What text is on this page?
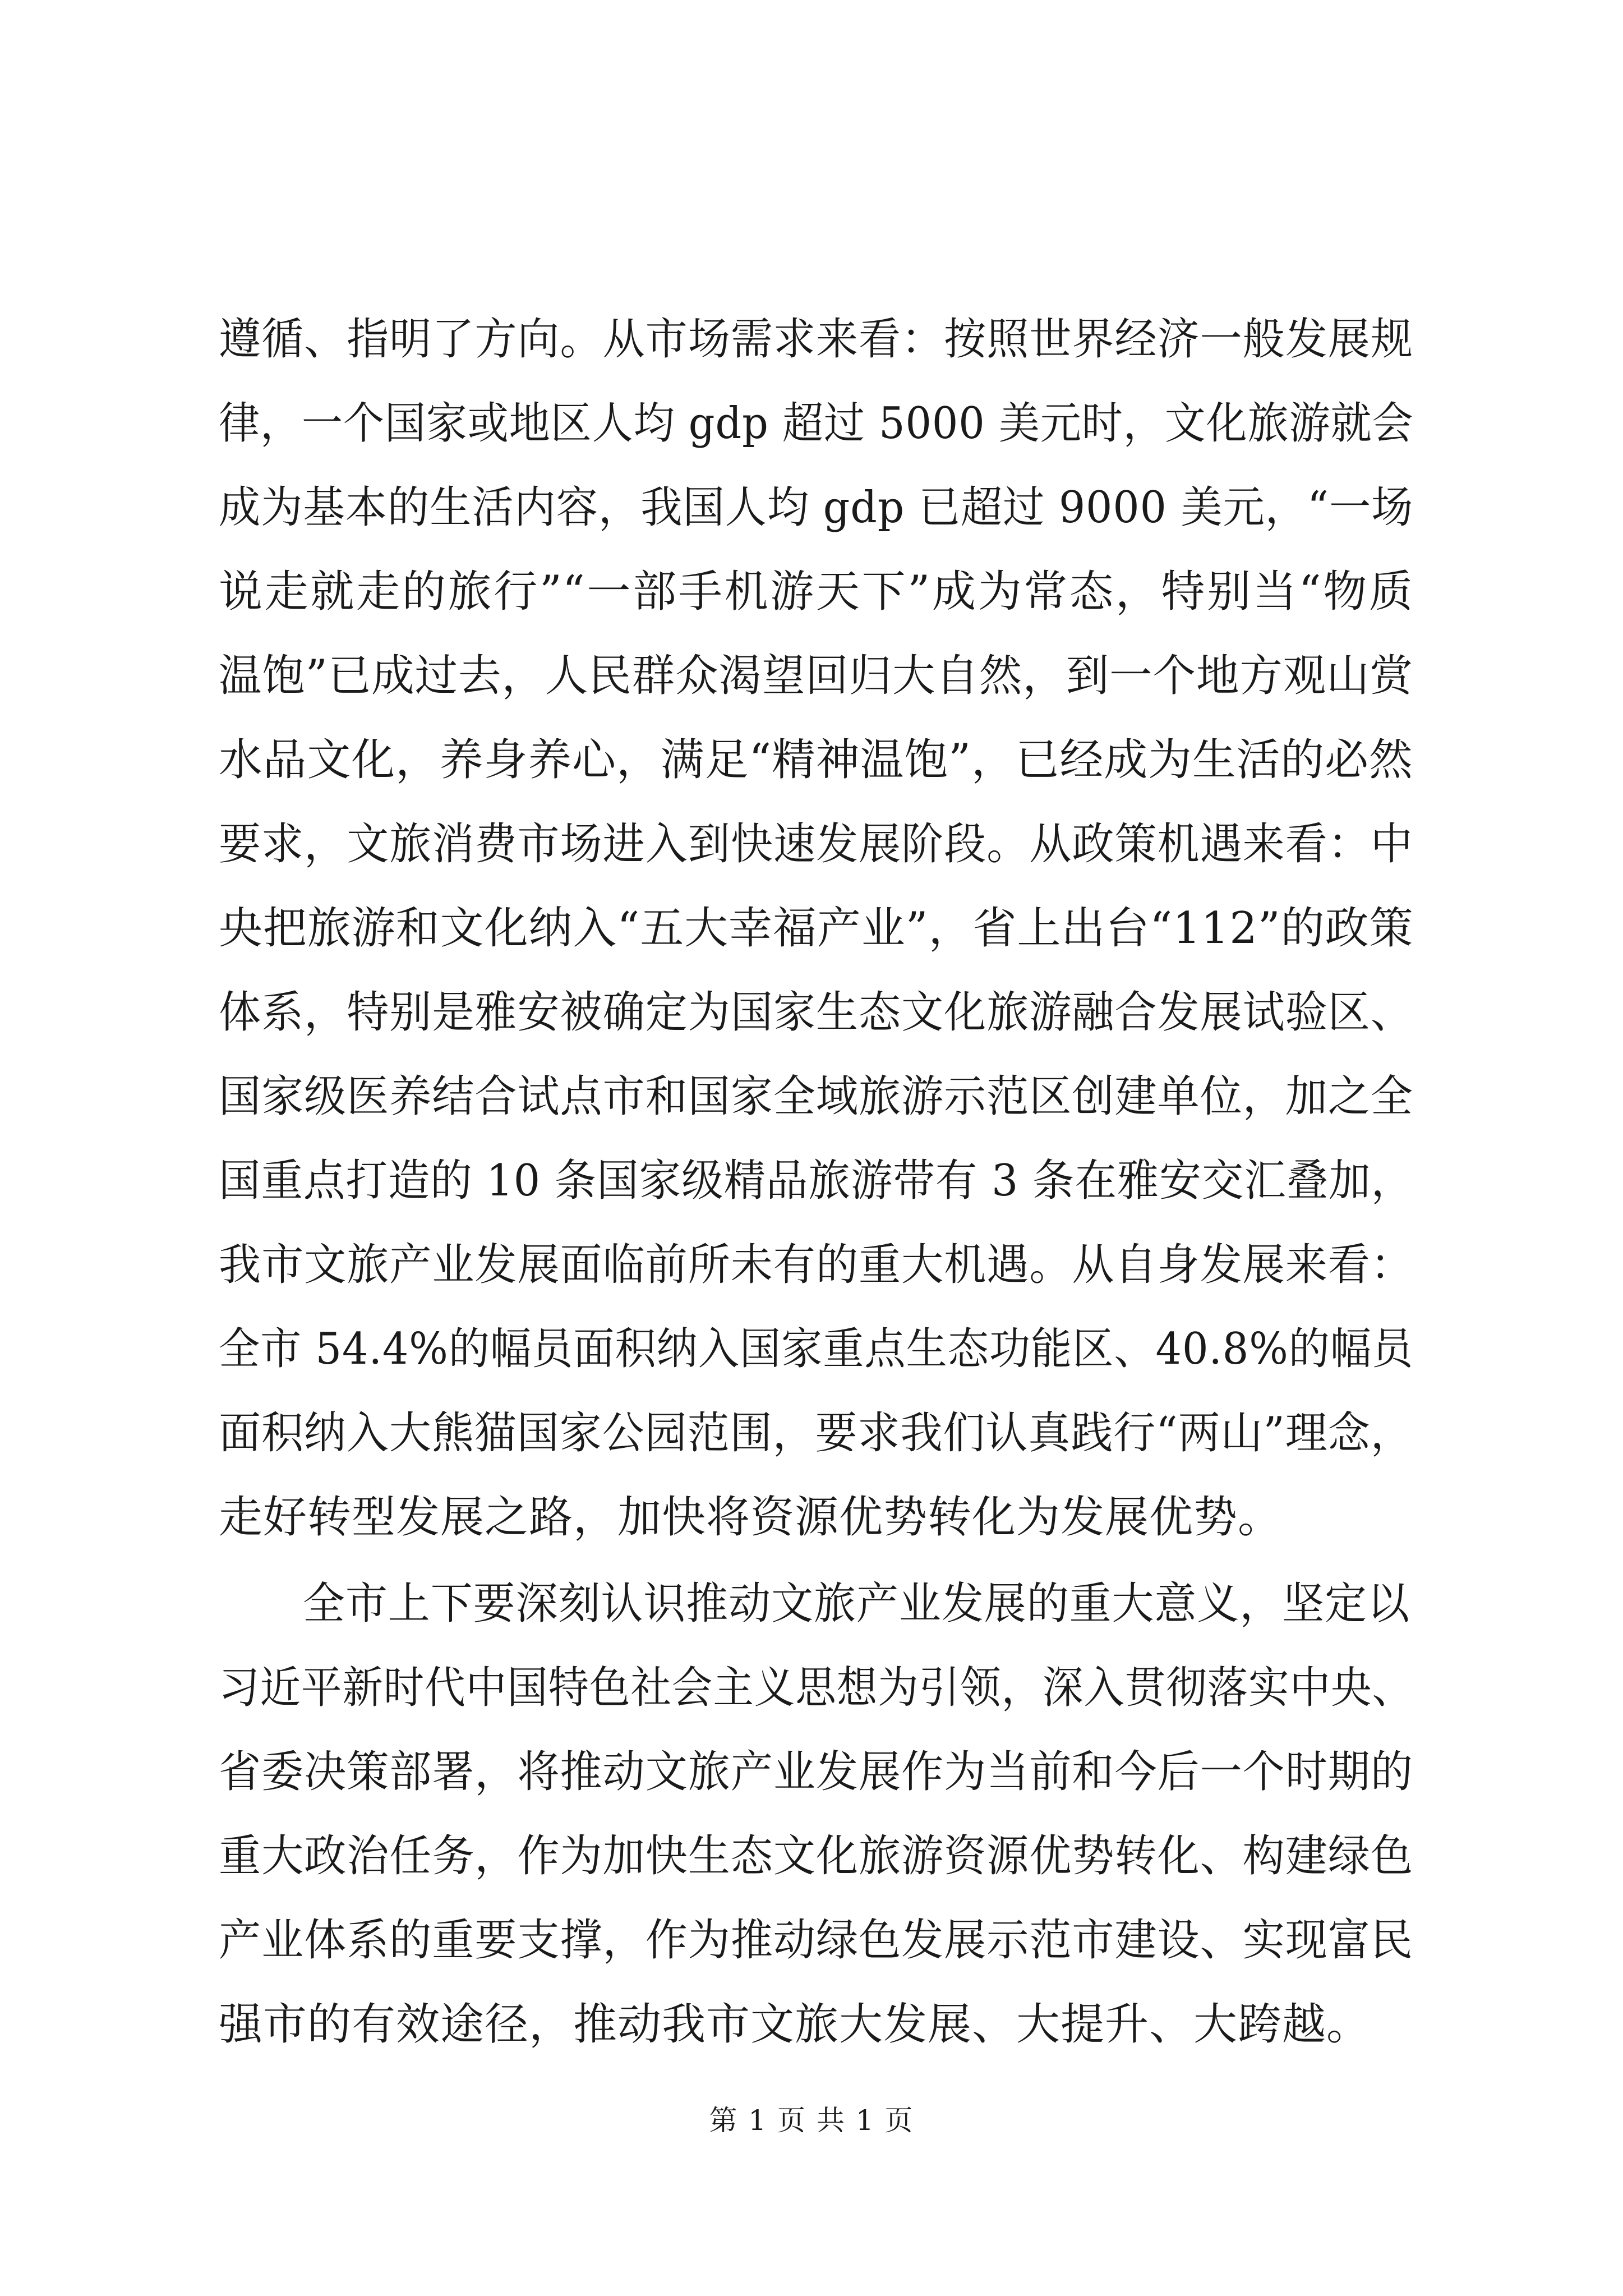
遵循、指明了方向。从市场需求来看：按照世界经济一般发展规
律，一个国家或地区人均 gdp 超过 5000 美元时，文化旅游就会
成为基本的生活内容，我国人均 gdp 已超过 9000 美元，“一场
说走就走的旅行”“一部手机游天下”成为常态，特别当“物质
温饱”已成过去，人民群众渴望回归大自然，到一个地方观山赏
水品文化，养身养心，满足“精神温饱”，已经成为生活的必然
要求，文旅消费市场进入到快速发展阶段。从政策机遇来看：中
央把旅游和文化纳入“五大幸福产业”，省上出台“112”的政策
体系，特别是雅安被确定为国家生态文化旅游融合发展试验区、
国家级医养结合试点市和国家全域旅游示范区创建单位，加之全
国重点打造的 10 条国家级精品旅游带有 3 条在雅安交汇叠加，
我市文旅产业发展面临前所未有的重大机遇。从自身发展来看：
全市 54.4%的幅员面积纳入国家重点生态功能区、40.8%的幅员
面积纳入大熊猫国家公园范围，要求我们认真践行“两山”理念，
走好转型发展之路，加快将资源优势转化为发展优势。
全市上下要深刻认识推动文旅产业发展的重大意义，坚定以
习近平新时代中国特色社会主义思想为引领，深入贯彻落实中央、
省委决策部署，将推动文旅产业发展作为当前和今后一个时期的
重大政治任务，作为加快生态文化旅游资源优势转化、构建绿色
产业体系的重要支撑，作为推动绿色发展示范市建设、实现富民
强市的有效途径，推动我市文旅大发展、大提升、大跨越。
第 1 页 共 1 页
